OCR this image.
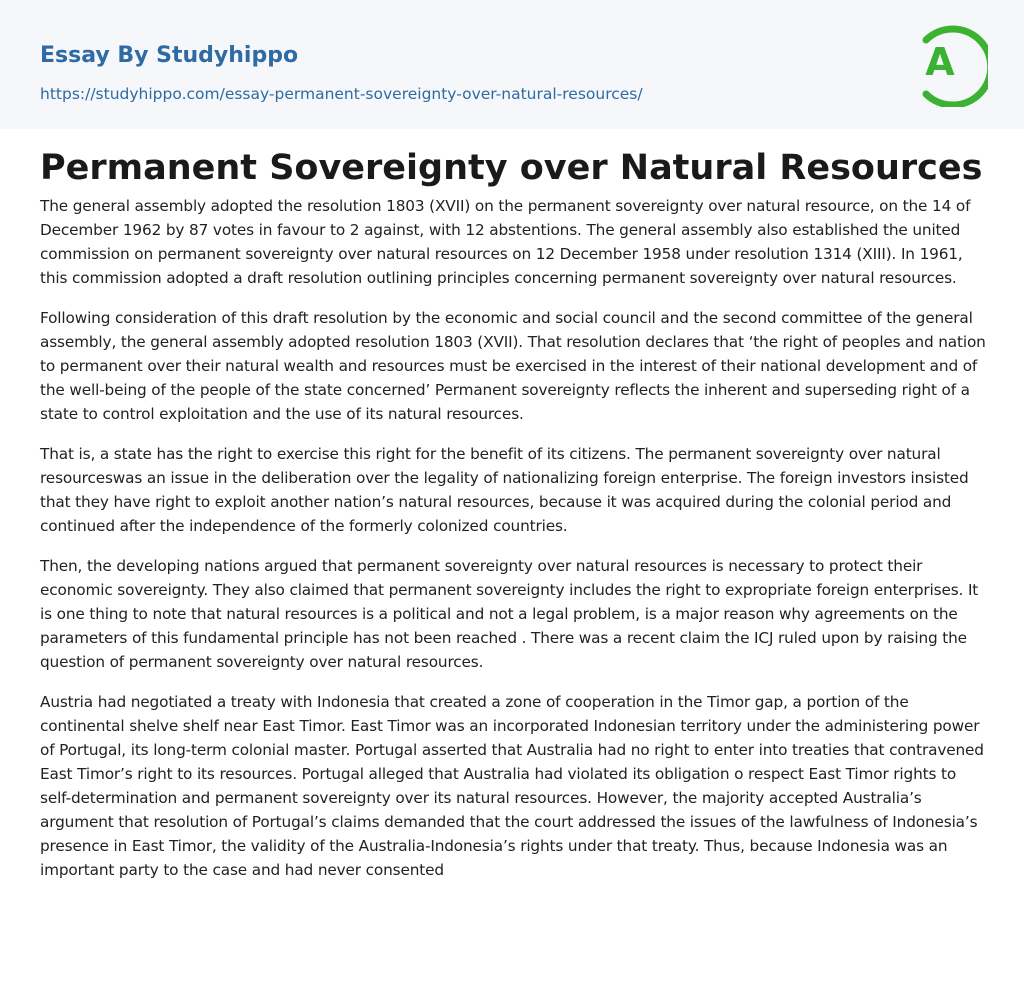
Essay By Studyhippo
https://studyhippo.com/essay-permanent-sovereignty-over-natural-resources/
A
Permanent Sovereignty over Natural Resources

The general assembly adopted the resolution 1803 (XVII) on the permanent sovereignty over natural resource, on the 14 of December 1962 by 87 votes in favour to 2 against, with 12 abstentions. The general assembly also established the united commission on permanent sovereignty over natural resources on 12 December 1958 under resolution 1314 (XIII). In 1961, this commission adopted a draft resolution outlining principles concerning permanent sovereignty over natural resources.

Following consideration of this draft resolution by the economic and social council and the second committee of the general assembly, the general assembly adopted resolution 1803 (XVII). That resolution declares that ‘the right of peoples and nation to permanent over their natural wealth and resources must be exercised in the interest of their national development and of the well-being of the people of the state concerned’ Permanent sovereignty reflects the inherent and superseding right of a state to control exploitation and the use of its natural resources.

That is, a state has the right to exercise this right for the benefit of its citizens. The permanent sovereignty over natural resourceswas an issue in the deliberation over the legality of nationalizing foreign enterprise. The foreign investors insisted that they have right to exploit another nation’s natural resources, because it was acquired during the colonial period and continued after the independence of the formerly colonized countries.

Then, the developing nations argued that permanent sovereignty over natural resources is necessary to protect their economic sovereignty. They also claimed that permanent sovereignty includes the right to expropriate foreign enterprises. It is one thing to note that natural resources is a political and not a legal problem, is a major reason why agreements on the parameters of this fundamental principle has not been reached . There was a recent claim the ICJ ruled upon by raising the question of permanent sovereignty over natural resources.

Austria had negotiated a treaty with Indonesia that created a zone of cooperation in the Timor gap, a portion of the continental shelve shelf near East Timor. East Timor was an incorporated Indonesian territory under the administering power of Portugal, its long-term colonial master. Portugal asserted that Australia had no right to enter into treaties that contravened East Timor’s right to its resources. Portugal alleged that Australia had violated its obligation o respect East Timor rights to self-determination and permanent sovereignty over its natural resources. However, the majority accepted Australia’s argument that resolution of Portugal’s claims demanded that the court addressed the issues of the lawfulness of Indonesia’s presence in East Timor, the validity of the Australia-Indonesia’s rights under that treaty. Thus, because Indonesia was an important party to the case and had never consented
